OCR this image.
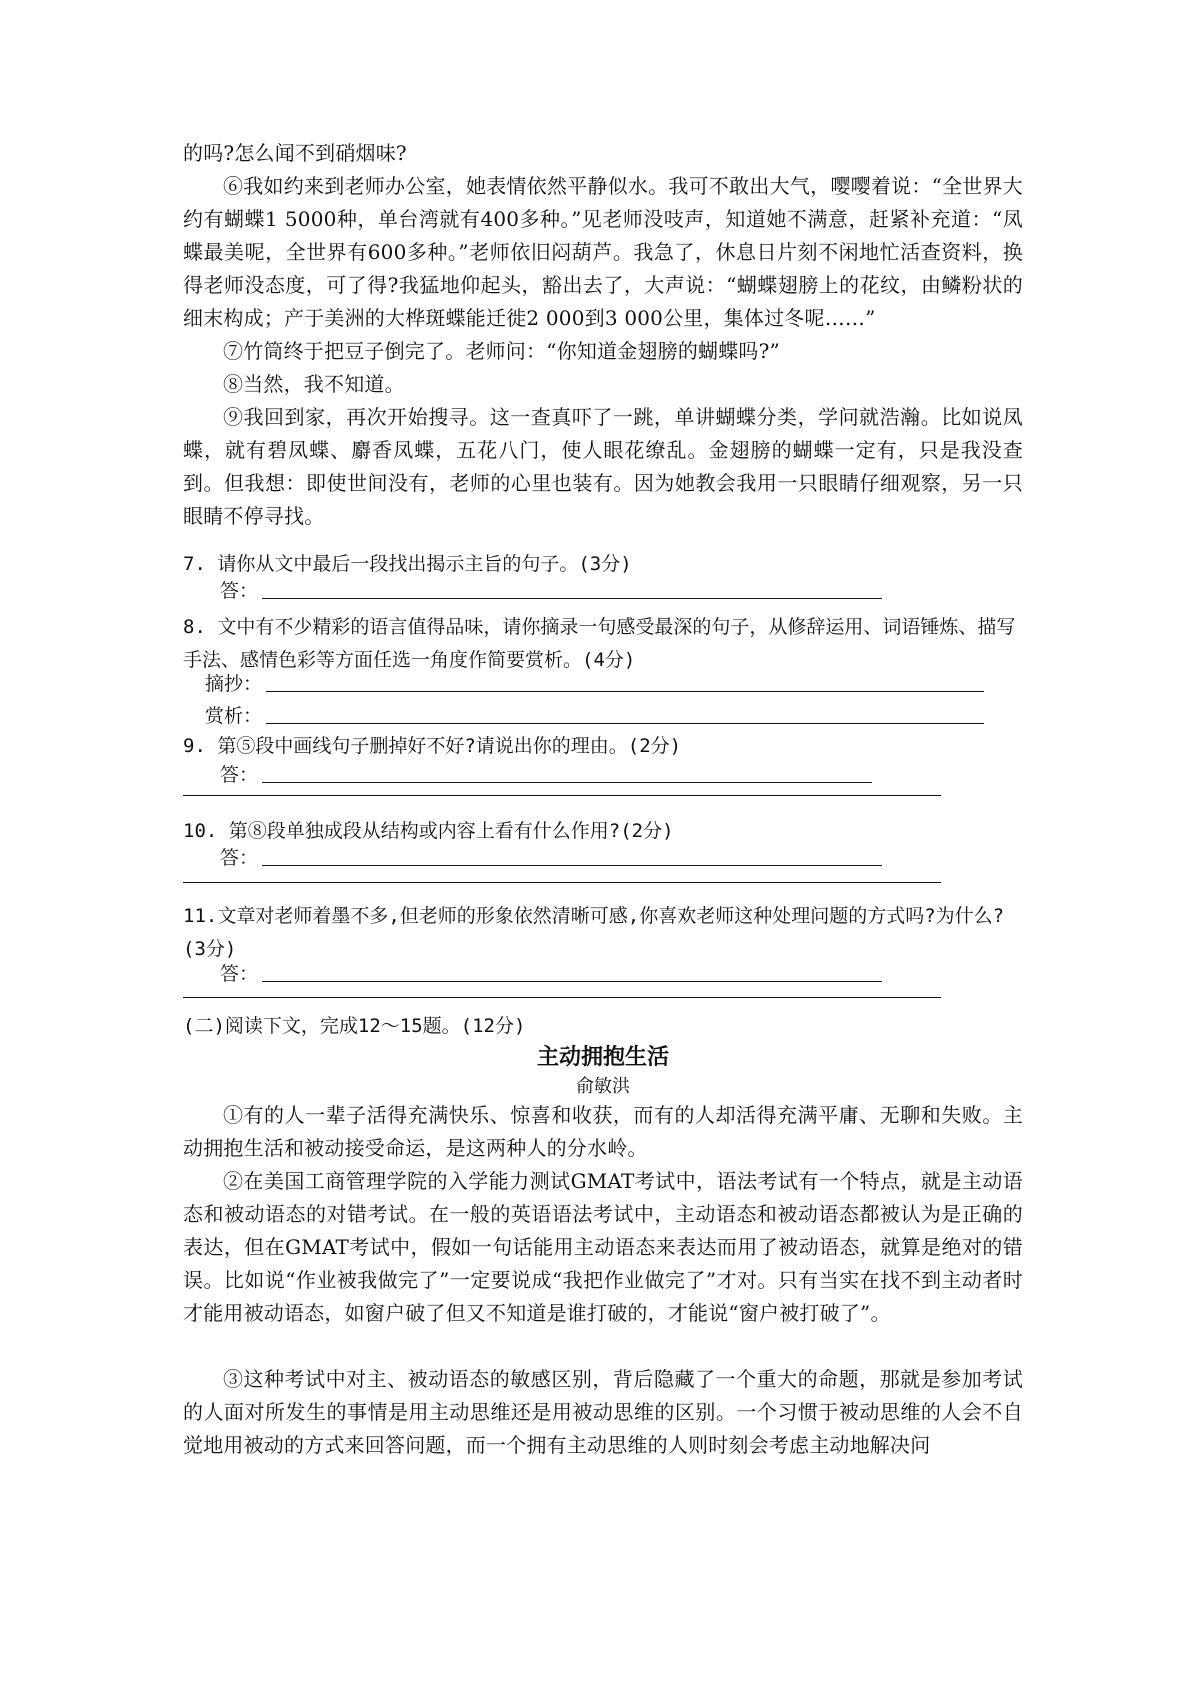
的吗?怎么闻不到硝烟味?
⑥我如约来到老师办公室，她表情依然平静似水。我可不敢出大气，嘤嘤着说：“全世界大约有蝴蝶1 5000种，单台湾就有400多种。”见老师没吱声，知道她不满意，赶紧补充道：“凤蝶最美呢，全世界有600多种。”老师依旧闷葫芦。我急了，休息日片刻不闲地忙活查资料，换得老师没态度，可了得?我猛地仰起头，豁出去了，大声说：“蝴蝶翅膀上的花纹，由鳞粉状的细末构成；产于美洲的大桦斑蝶能迁徙2 000到3 000公里，集体过冬呢……”
⑦竹筒终于把豆子倒完了。老师问：“你知道金翅膀的蝴蝶吗?”
⑧当然，我不知道。
⑨我回到家，再次开始搜寻。这一查真吓了一跳，单讲蝴蝶分类，学问就浩瀚。比如说凤蝶，就有碧凤蝶、麝香凤蝶，五花八门，使人眼花缭乱。金翅膀的蝴蝶一定有，只是我没查到。但我想：即使世间没有，老师的心里也装有。因为她教会我用一只眼睛仔细观察，另一只眼睛不停寻找。
7. 请你从文中最后一段找出揭示主旨的句子。(3分)
答：
8. 文中有不少精彩的语言值得品味，请你摘录一句感受最深的句子，从修辞运用、词语锤炼、描写手法、感情色彩等方面任选一角度作简要赏析。(4分)
摘抄：
赏析：
9. 第⑤段中画线句子删掉好不好?请说出你的理由。(2分)
答：
10. 第⑧段单独成段从结构或内容上看有什么作用?(2分)
答：
11.文章对老师着墨不多,但老师的形象依然清晰可感,你喜欢老师这种处理问题的方式吗?为什么?(3分)
答：
(二)阅读下文，完成12～15题。(12分)
主动拥抱生活
俞敏洪
①有的人一辈子活得充满快乐、惊喜和收获，而有的人却活得充满平庸、无聊和失败。主动拥抱生活和被动接受命运，是这两种人的分水岭。
②在美国工商管理学院的入学能力测试GMAT考试中，语法考试有一个特点，就是主动语态和被动语态的对错考试。在一般的英语语法考试中，主动语态和被动语态都被认为是正确的表达，但在GMAT考试中，假如一句话能用主动语态来表达而用了被动语态，就算是绝对的错误。比如说“作业被我做完了”一定要说成“我把作业做完了”才对。只有当实在找不到主动者时才能用被动语态，如窗户破了但又不知道是谁打破的，才能说“窗户被打破了”。
③这种考试中对主、被动语态的敏感区别，背后隐藏了一个重大的命题，那就是参加考试的人面对所发生的事情是用主动思维还是用被动思维的区别。一个习惯于被动思维的人会不自觉地用被动的方式来回答问题，而一个拥有主动思维的人则时刻会考虑主动地解决问
